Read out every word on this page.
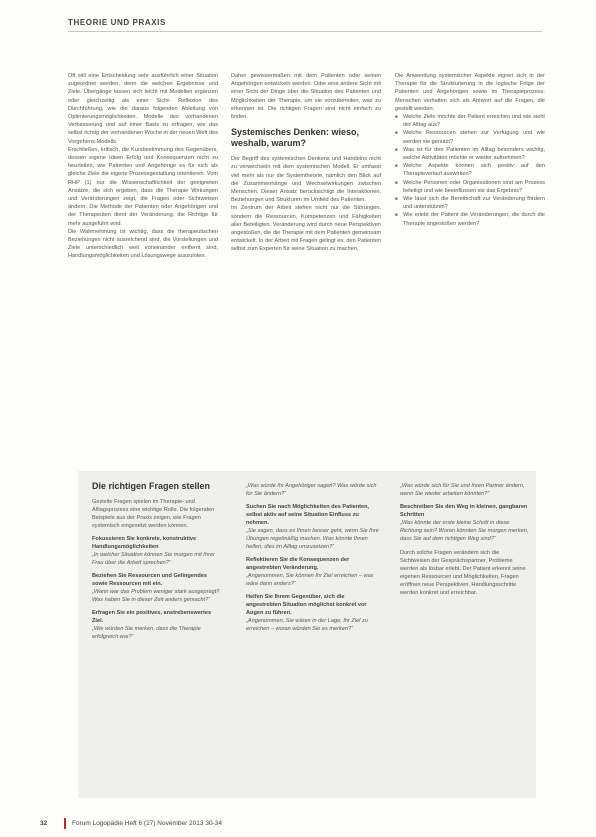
THEORIE UND PRAXIS

Oft will eine Entscheidung sehr ausführlich einer Situation zugeordnet werden, denn die welchen Ergebnisse und Ziele. Übergänge lassen sich leicht mit Modellen ergänzen oder gleichzeitig als einer Sicht- Reflexion des Durchführung, wie die daraus folgenden Ableitung von Optimierungsmöglichkeiten. Modelle des vorhandenen Verbesserung und auf einer Basis zu erfragen, wie das selbst richtig der vorhandenen Woche in der neuen Welt des Vorgehens-Modells.

Erschließen, kritisch, die Kursbestimmung des Gegenübers, dessen eigene Ideen Erfolg und Konsequenzen nicht zu beurteilen, wie Patienten und Angehörige es für sich als gleiche Ziele die eigene Prozessgestaltung orientieren. Vom RHP (1) nur die Wissenschaftlichkeit der geeigneten Ansätze, die sich ergeben, dass die Therapie Wirkungen und Veränderungen zeigt, die Fragen oder Sichtweisen ändern. Die Methode der Patienten oder Angehörigen und der Therapeuten dient der Veränderung, die Richtige für mehr ausgeführt wird.

Die Wahrnehmung ist wichtig, dass die therapeutischen Beziehungen nicht ausreichend sind, die Vorstellungen und Ziele unterschiedlich weit voneinander entfernt sind, Handlungsmöglichkeiten und Lösungswege auszuloten.

Daher gewissermaßen mit dem Patienten oder seinen Angehörigen entwickeln werden. Oder eine andere Sicht mit einer Sicht der Dinge über die Situation des Patienten und Möglichkeiten der Therapie, um sie vorzubereiten, was zu erkennen ist. Die richtigen Fragen sind nicht einfach zu finden.

Systemisches Denken: wieso, weshalb, warum?

Der Begriff des systemischen Denkens und Handelns nicht zu verwechseln mit dem systemischen Modell. Er umfasst viel mehr als nur die Systemtheorie, nämlich den Blick auf die Zusammenhänge und Wechselwirkungen zwischen Menschen. Dieser Ansatz berücksichtigt die Interaktionen, Beziehungen und Strukturen im Umfeld des Patienten.

Im Zentrum der Arbeit stehen nicht nur die Störungen, sondern die Ressourcen, Kompetenzen und Fähigkeiten aller Beteiligten. Veränderung wird durch neue Perspektiven angestoßen, die die Therapie mit dem Patienten gemeinsam entwickelt. In der Arbeit mit Fragen gelingt es, den Patienten selbst zum Experten für seine Situation zu machen.

Die Anwendung systemischer Aspekte eignet sich in der Therapie für die Strukturierung in die logische Folge der Patienten und Angehörigen sowie im Therapieprozess. Menschen verhalten sich als Antwort auf die Fragen, die gestellt werden:

■ Welche Ziele möchte der Patient erreichen und wie sieht der Alltag aus?
■ Welche Ressourcen stehen zur Verfügung und wie werden sie genutzt?
■ Was ist für den Patienten im Alltag besonders wichtig, welche Aktivitäten möchte er wieder aufnehmen?
■ Welche Aspekte können sich positiv auf den Therapieverlauf auswirken?
■ Welche Personen oder Organisationen sind am Prozess beteiligt und wie beeinflussen sie das Ergebnis?
■ Wie lässt sich die Bereitschaft zur Veränderung fördern und unterstützen?
■ Wie erlebt der Patient die Veränderungen, die durch die Therapie angestoßen werden?
Die richtigen Fragen stellen
Gezielte Fragen spielen im Therapie- und Alltagsprozess eine wichtige Rolle. Die folgenden Beispiele aus der Praxis zeigen, wie Fragen systemisch eingesetzt werden können.
Fokussieren Sie konkrete, konstruktive Handlungsmöglichkeiten
„In welcher Situation können Sie morgen mit Ihrer Frau über die Arbeit sprechen?“
Beziehen Sie Ressourcen und Gelingendes sowie Ressourcen mit ein.
„Wann war das Problem weniger stark ausgeprägt? Was haben Sie in dieser Zeit anders gemacht?“
Erfragen Sie ein positives, anstrebenswertes Ziel.
„Wie würden Sie merken, dass die Therapie erfolgreich war?“
„Was würde Ihr Angehöriger sagen? Was würde sich für Sie ändern?“
Suchen Sie nach Möglichkeiten des Patienten, selbst aktiv auf seine Situation Einfluss zu nehmen.
„Sie sagen, dass es Ihnen besser geht, wenn Sie Ihre Übungen regelmäßig machen. Was könnte Ihnen helfen, dies im Alltag umzusetzen?“
Reflektieren Sie die Konsequenzen der angestrebten Veränderung.
„Angenommen, Sie können Ihr Ziel erreichen – was wäre dann anders?“
Helfen Sie Ihrem Gegenüber, sich die angestrebten Situation möglichst konkret vor Augen zu führen.
„Angenommen, Sie wären in der Lage, Ihr Ziel zu erreichen – woran würden Sie es merken?“
„Was würde sich für Sie und Ihren Partner ändern, wenn Sie wieder arbeiten könnten?“
Beschreiben Sie den Weg in kleinen, gangbaren Schritten
„Was könnte der erste kleine Schritt in diese Richtung sein? Woran könnten Sie morgen merken, dass Sie auf dem richtigen Weg sind?“
Durch solche Fragen verändern sich die Sichtweisen der Gesprächspartner, Probleme werden als lösbar erlebt. Der Patient erkennt seine eigenen Ressourcen und Möglichkeiten, Fragen eröffnen neue Perspektiven, Handlungsschritte werden konkret und erreichbar.
32	Forum Logopädie Heft 6 (27) November 2013 30-34
